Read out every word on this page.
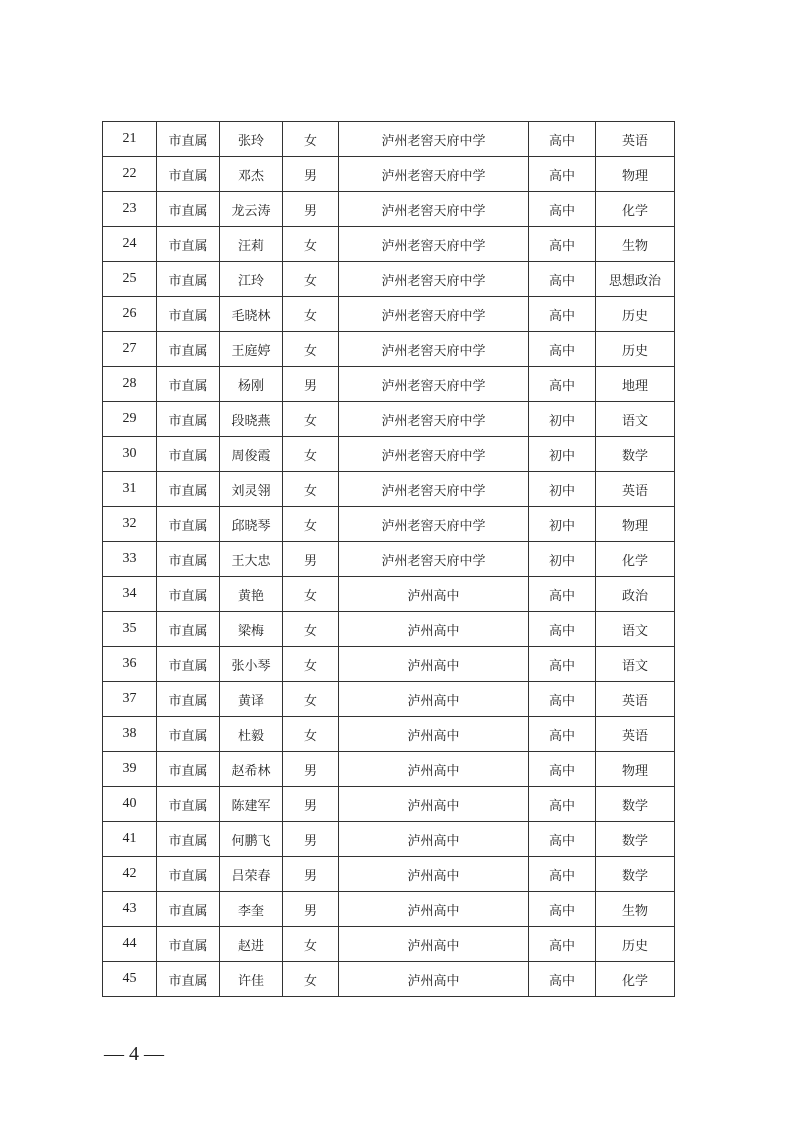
21	市直属	张玲	女	泸州老窖天府中学	高中	英语
22	市直属	邓杰	男	泸州老窖天府中学	高中	物理
23	市直属	龙云涛	男	泸州老窖天府中学	高中	化学
24	市直属	汪莉	女	泸州老窖天府中学	高中	生物
25	市直属	江玲	女	泸州老窖天府中学	高中	思想政治
26	市直属	毛晓林	女	泸州老窖天府中学	高中	历史
27	市直属	王庭婷	女	泸州老窖天府中学	高中	历史
28	市直属	杨刚	男	泸州老窖天府中学	高中	地理
29	市直属	段晓燕	女	泸州老窖天府中学	初中	语文
30	市直属	周俊霞	女	泸州老窖天府中学	初中	数学
31	市直属	刘灵翎	女	泸州老窖天府中学	初中	英语
32	市直属	邱晓琴	女	泸州老窖天府中学	初中	物理
33	市直属	王大忠	男	泸州老窖天府中学	初中	化学
34	市直属	黄艳	女	泸州高中	高中	政治
35	市直属	梁梅	女	泸州高中	高中	语文
36	市直属	张小琴	女	泸州高中	高中	语文
37	市直属	黄译	女	泸州高中	高中	英语
38	市直属	杜毅	女	泸州高中	高中	英语
39	市直属	赵希林	男	泸州高中	高中	物理
40	市直属	陈建军	男	泸州高中	高中	数学
41	市直属	何鹏飞	男	泸州高中	高中	数学
42	市直属	吕荣春	男	泸州高中	高中	数学
43	市直属	李奎	男	泸州高中	高中	生物
44	市直属	赵进	女	泸州高中	高中	历史
45	市直属	许佳	女	泸州高中	高中	化学
— 4 —
